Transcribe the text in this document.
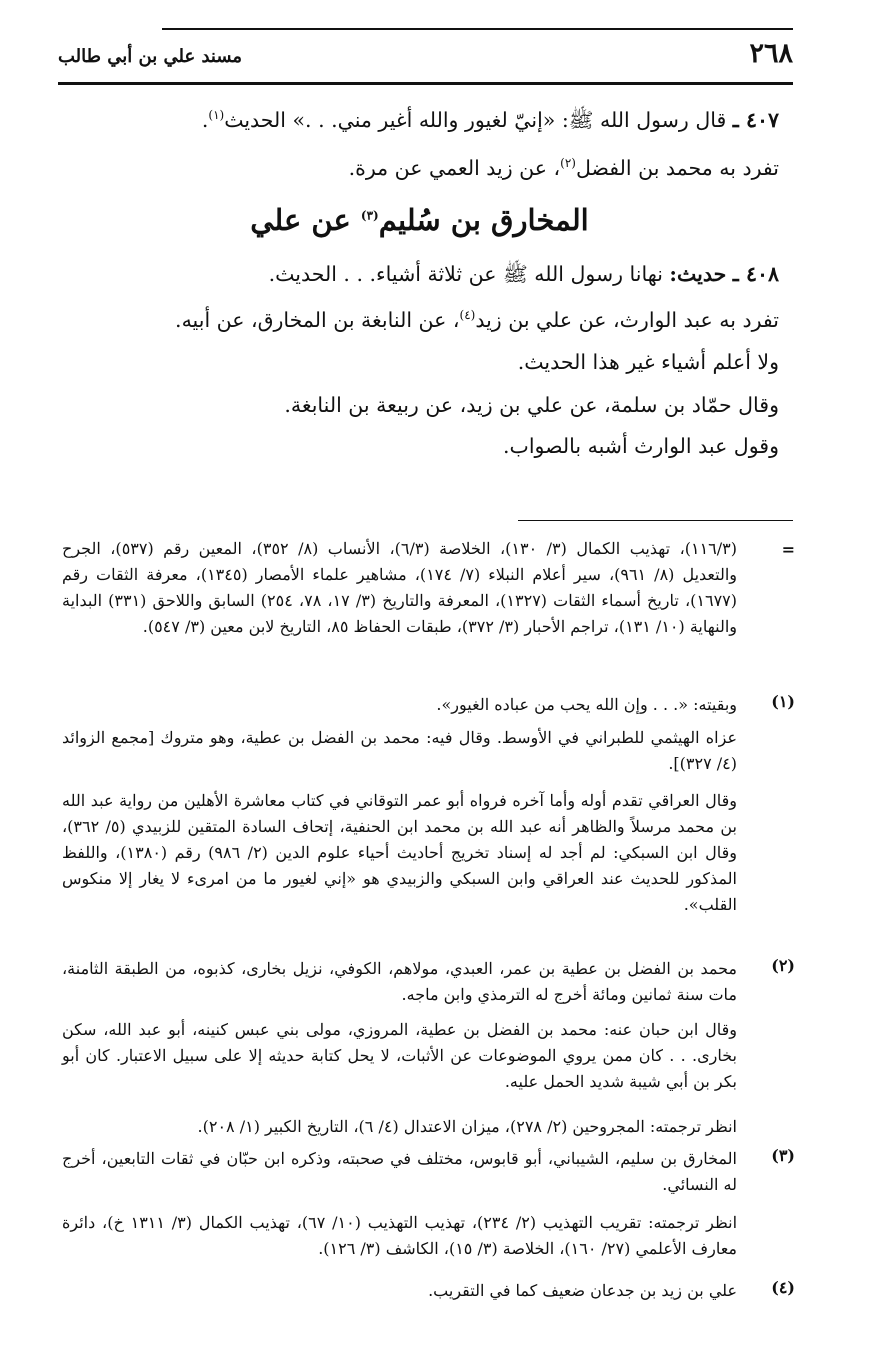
٢٦٨
مسند علي بن أبي طالب
٤٠٧ ـ قال رسول الله ﷺ: «إنيّ لغيور والله أغير مني. . .» الحديث$^{(١)}$.
تفرد به محمد بن الفضل$^{(٢)}$، عن زيد العمي عن مرة.
المخارق بن سُليم$^{(٣)}$ عن علي
٤٠٨ ـ حديث: نهانا رسول الله ﷺ عن ثلاثة أشياء. . . الحديث.
تفرد به عبد الوارث، عن علي بن زيد$^{(٤)}$، عن النابغة بن المخارق، عن أبيه.
ولا أعلم أشياء غير هذا الحديث.
وقال حمّاد بن سلمة، عن علي بن زيد، عن ربيعة بن النابغة.
وقول عبد الوارث أشبه بالصواب.
=
(١١٦/٣)، تهذيب الكمال (٣/ ١٣٠)، الخلاصة (٦/٣)، الأنساب (٨/ ٣٥٢)، المعين رقم (٥٣٧)، الجرح والتعديل (٨/ ٩٦١)، سير أعلام النبلاء (٧/ ١٧٤)، مشاهير علماء الأمصار (١٣٤٥)، معرفة الثقات رقم (١٦٧٧)، تاريخ أسماء الثقات (١٣٢٧)، المعرفة والتاريخ (٣/ ١٧، ٧٨، ٢٥٤) السابق واللاحق (٣٣١) البداية والنهاية (١٠/ ١٣١)، تراجم الأحبار (٣/ ٣٧٢)، طبقات الحفاظ ٨٥، التاريخ لابن معين (٣/ ٥٤٧).
(١)
وبقيته: «. . . وإن الله يحب من عباده الغيور».
عزاه الهيثمي للطبراني في الأوسط. وقال فيه: محمد بن الفضل بن عطية، وهو متروك [مجمع الزوائد (٤/ ٣٢٧)].
وقال العراقي تقدم أوله وأما آخره فرواه أبو عمر التوقاني في كتاب معاشرة الأهلين من رواية عبد الله بن محمد مرسلاً والظاهر أنه عبد الله بن محمد ابن الحنفية، إتحاف السادة المتقين للزبيدي (٥/ ٣٦٢)، وقال ابن السبكي: لم أجد له إسناد تخريج أحاديث أحياء علوم الدين (٢/ ٩٨٦) رقم (١٣٨٠)، واللفظ المذكور للحديث عند العراقي وابن السبكي والزبيدي هو «إني لغيور ما من امرىء لا يغار إلا منكوس القلب».
(٢)
محمد بن الفضل بن عطية بن عمر، العبدي، مولاهم، الكوفي، نزيل بخارى، كذبوه، من الطبقة الثامنة، مات سنة ثمانين ومائة أخرج له الترمذي وابن ماجه.
وقال ابن حبان عنه: محمد بن الفضل بن عطية، المروزي، مولى بني عبس كنينه، أبو عبد الله، سكن بخارى. . . كان ممن يروي الموضوعات عن الأثبات، لا يحل كتابة حديثه إلا على سبيل الاعتبار. كان أبو بكر بن أبي شيبة شديد الحمل عليه.
انظر ترجمته: المجروحين (٢/ ٢٧٨)، ميزان الاعتدال (٤/ ٦)، التاريخ الكبير (١/ ٢٠٨).
(٣)
المخارق بن سليم، الشيباني، أبو قابوس، مختلف في صحبته، وذكره ابن حبّان في ثقات التابعين، أخرج له النسائي.
انظر ترجمته: تقريب التهذيب (٢/ ٢٣٤)، تهذيب التهذيب (١٠/ ٦٧)، تهذيب الكمال (٣/ ١٣١١ خ)، دائرة معارف الأعلمي (٢٧/ ١٦٠)، الخلاصة (٣/ ١٥)، الكاشف (٣/ ١٢٦).
(٤)
علي بن زيد بن جدعان ضعيف كما في التقريب.
